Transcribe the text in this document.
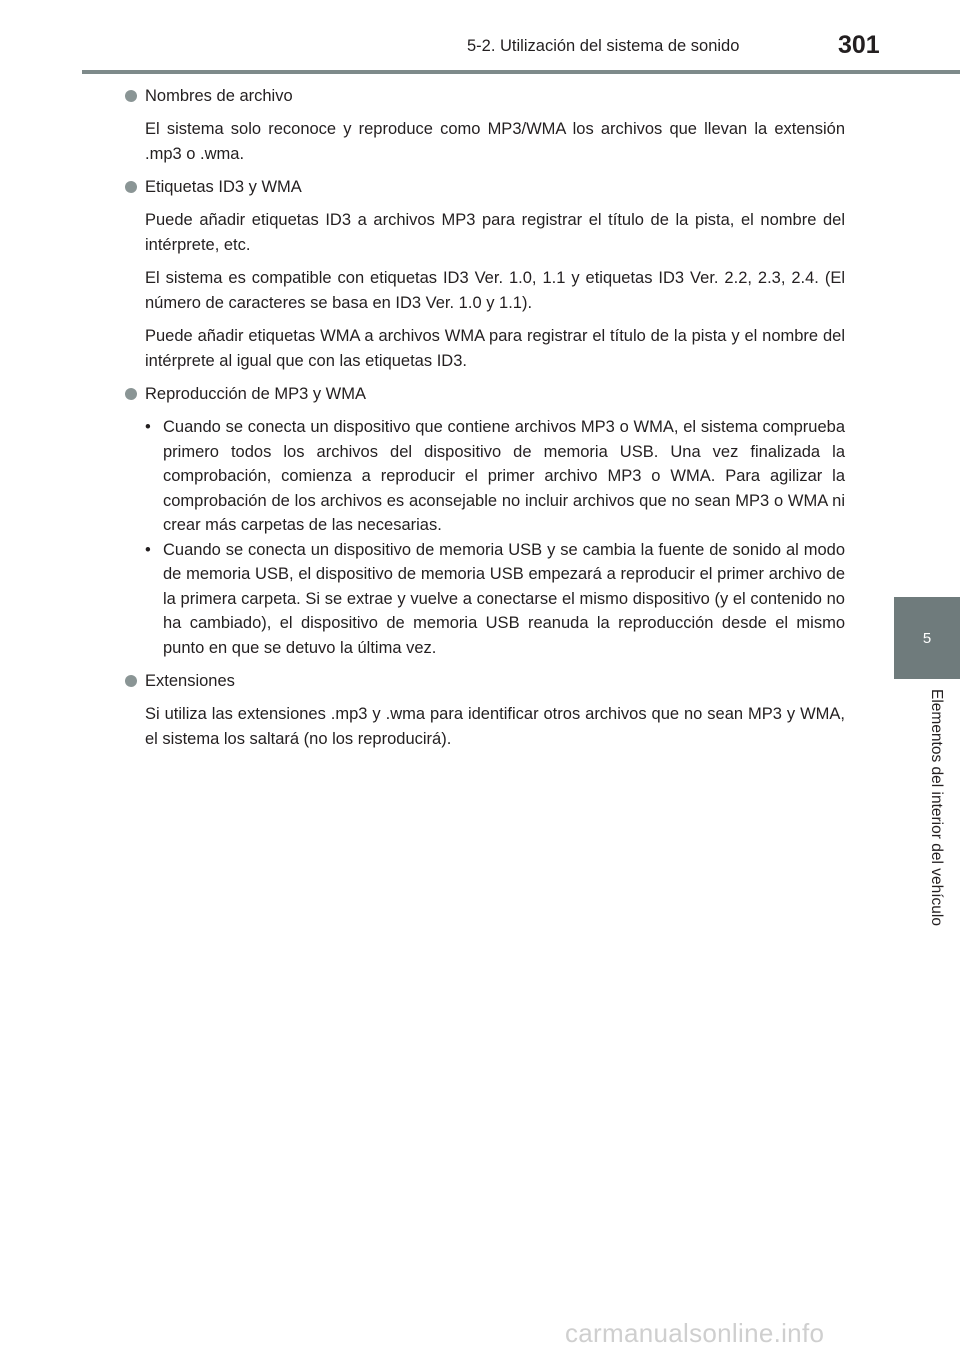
5-2. Utilización del sistema de sonido	301
5
Elementos del interior del vehículo
Nombres de archivo

El sistema solo reconoce y reproduce como MP3/WMA los archivos que llevan la extensión .mp3 o .wma.

Etiquetas ID3 y WMA

Puede añadir etiquetas ID3 a archivos MP3 para registrar el título de la pista, el nombre del intérprete, etc.

El sistema es compatible con etiquetas ID3 Ver. 1.0, 1.1 y etiquetas ID3 Ver. 2.2, 2.3, 2.4. (El número de caracteres se basa en ID3 Ver. 1.0 y 1.1).

Puede añadir etiquetas WMA a archivos WMA para registrar el título de la pista y el nombre del intérprete al igual que con las etiquetas ID3.

Reproducción de MP3 y WMA
• Cuando se conecta un dispositivo que contiene archivos MP3 o WMA, el sistema comprueba primero todos los archivos del dispositivo de memoria USB. Una vez finalizada la comprobación, comienza a reproducir el primer archivo MP3 o WMA. Para agilizar la comprobación de los archivos es aconsejable no incluir archivos que no sean MP3 o WMA ni crear más carpetas de las necesarias.
• Cuando se conecta un dispositivo de memoria USB y se cambia la fuente de sonido al modo de memoria USB, el dispositivo de memoria USB empezará a reproducir el primer archivo de la primera carpeta. Si se extrae y vuelve a conectarse el mismo dispositivo (y el contenido no ha cambiado), el dispositivo de memoria USB reanuda la reproducción desde el mismo punto en que se detuvo la última vez.
Extensiones

Si utiliza las extensiones .mp3 y .wma para identificar otros archivos que no sean MP3 y WMA, el sistema los saltará (no los reproducirá).

carmanualsonline.info
